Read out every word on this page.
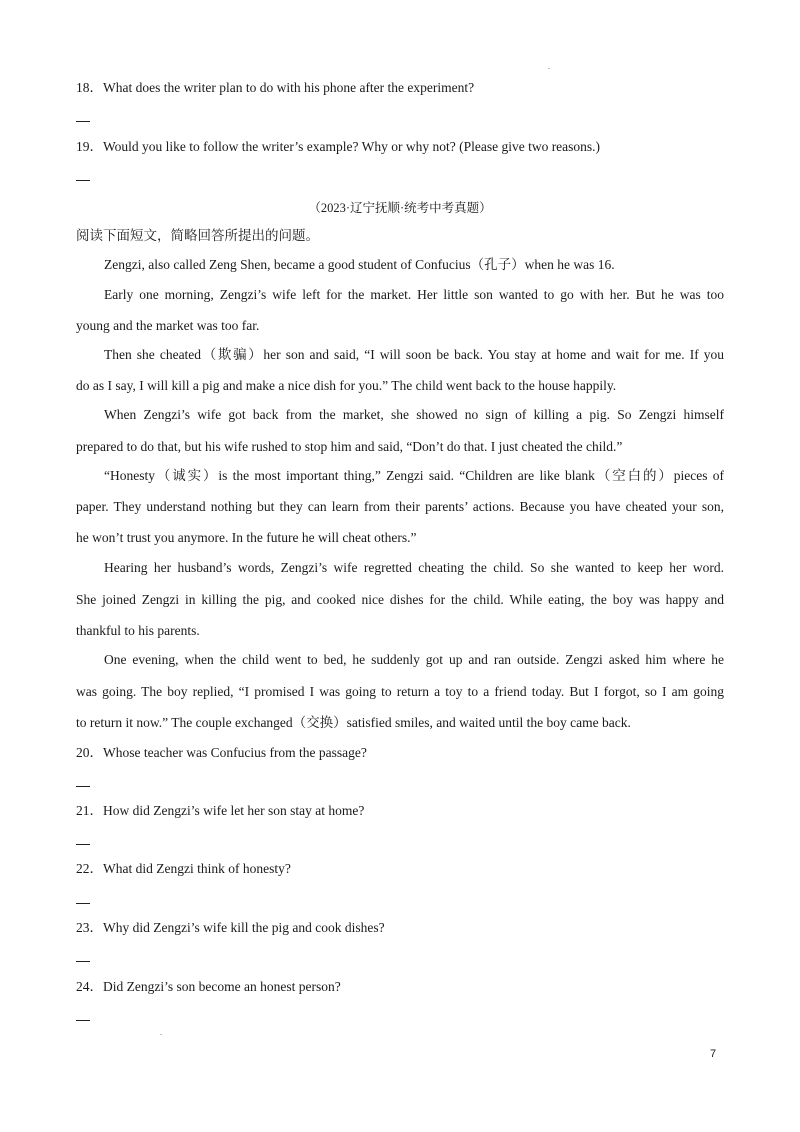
18．What does the writer plan to do with his phone after the experiment?
19．Would you like to follow the writer’s example? Why or why not? (Please give two reasons.)
（2023·辽宁抚顺·统考中考真题）
阅读下面短文，简略回答所提出的问题。
Zengzi, also called Zeng Shen, became a good student of Confucius（孔子）when he was 16.
Early one morning, Zengzi’s wife left for the market. Her little son wanted to go with her. But he was too
young and the market was too far.
Then she cheated（欺骗）her son and said, “I will soon be back. You stay at home and wait for me. If you
do as I say, I will kill a pig and make a nice dish for you.” The child went back to the house happily.
When Zengzi’s wife got back from the market, she showed no sign of killing a pig. So Zengzi himself
prepared to do that, but his wife rushed to stop him and said, “Don’t do that. I just cheated the child.”
“Honesty（诚实）is the most important thing,” Zengzi said. “Children are like blank（空白的）pieces of
paper. They understand nothing but they can learn from their parents’ actions. Because you have cheated your son,
he won’t trust you anymore. In the future he will cheat others.”
Hearing her husband’s words, Zengzi’s wife regretted cheating the child. So she wanted to keep her word.
She joined Zengzi in killing the pig, and cooked nice dishes for the child. While eating, the boy was happy and
thankful to his parents.
One evening, when the child went to bed, he suddenly got up and ran outside. Zengzi asked him where he
was going. The boy replied, “I promised I was going to return a toy to a friend today. But I forgot, so I am going
to return it now.” The couple exchanged（交换）satisfied smiles, and waited until the boy came back.
20．Whose teacher was Confucius from the passage?
21．How did Zengzi’s wife let her son stay at home?
22．What did Zengzi think of honesty?
23．Why did Zengzi’s wife kill the pig and cook dishes?
24．Did Zengzi’s son become an honest person?
7
